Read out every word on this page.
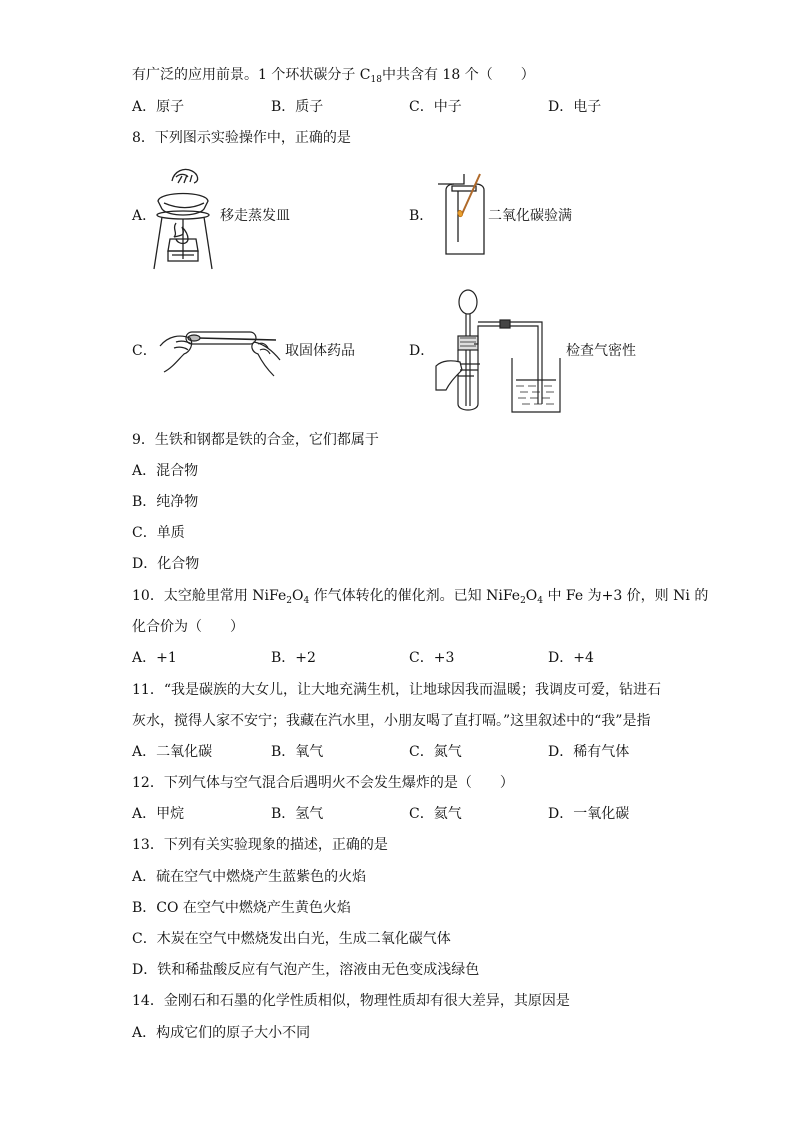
有广泛的应用前景。1 个环状碳分子 $C_{18}$中共含有 18 个（　　）
A．原子	B．质子	C．中子	D．电子
8．下列图示实验操作中，正确的是
A．	移走蒸发皿	B．	二氧化碳验满
C．	取固体药品	D．	检查气密性
9．生铁和钢都是铁的合金，它们都属于
A．混合物
B．纯净物
C．单质
D．化合物
10．太空舱里常用 $NiFe_2O_4$ 作气体转化的催化剂。已知 $NiFe_2O_4$ 中 Fe 为+3 价，则 Ni 的
化合价为（　　）
A．+1	B．+2	C．+3	D．+4
11．“我是碳族的大女儿，让大地充满生机，让地球因我而温暖；我调皮可爱，钻进石
灰水，搅得人家不安宁；我藏在汽水里，小朋友喝了直打嗝。”这里叙述中的“我”是指
A．二氧化碳	B．氧气	C．氮气	D．稀有气体
12．下列气体与空气混合后遇明火不会发生爆炸的是（　　）
A．甲烷	B．氢气	C．氦气	D．一氧化碳
13．下列有关实验现象的描述，正确的是
A．硫在空气中燃烧产生蓝紫色的火焰
B．CO 在空气中燃烧产生黄色火焰
C．木炭在空气中燃烧发出白光，生成二氧化碳气体
D．铁和稀盐酸反应有气泡产生，溶液由无色变成浅绿色
14．金刚石和石墨的化学性质相似，物理性质却有很大差异，其原因是
A．构成它们的原子大小不同
